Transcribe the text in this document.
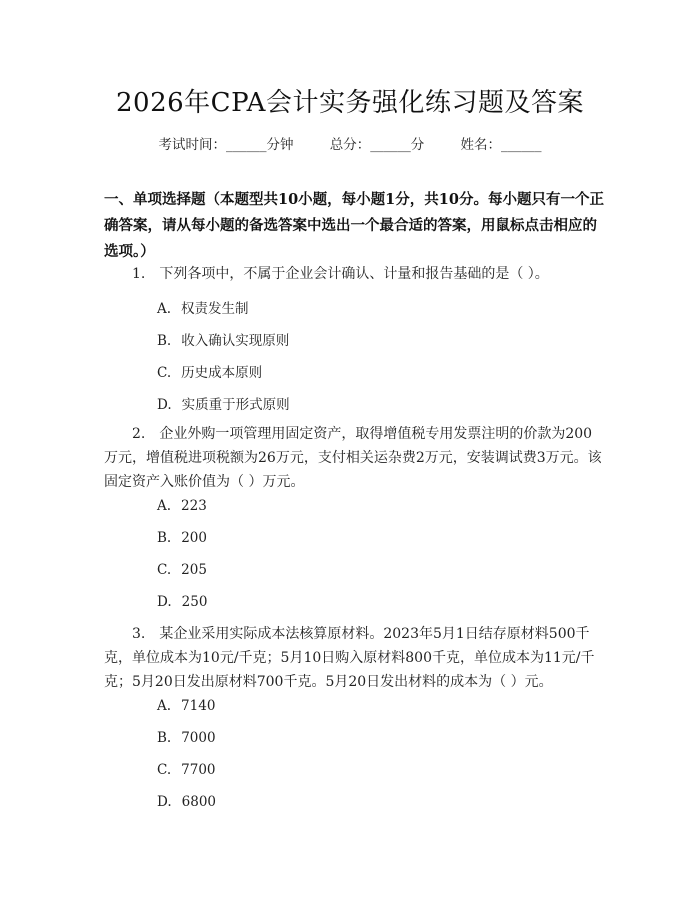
2026年CPA会计实务强化练习题及答案
考试时间：______分钟	总分：______分	姓名：______
一、单项选择题（本题型共10小题，每小题1分，共10分。每小题只有一个正确答案，请从每小题的备选答案中选出一个最合适的答案，用鼠标点击相应的选项。）
1. 下列各项中，不属于企业会计确认、计量和报告基础的是（ ）。
A. 权责发生制
B. 收入确认实现原则
C. 历史成本原则
D. 实质重于形式原则
2. 企业外购一项管理用固定资产，取得增值税专用发票注明的价款为200万元，增值税进项税额为26万元，支付相关运杂费2万元，安装调试费3万元。该固定资产入账价值为（ ）万元。
A. 223
B. 200
C. 205
D. 250
3. 某企业采用实际成本法核算原材料。2023年5月1日结存原材料500千克，单位成本为10元/千克；5月10日购入原材料800千克，单位成本为11元/千克；5月20日发出原材料700千克。5月20日发出材料的成本为（ ）元。
A. 7140
B. 7000
C. 7700
D. 6800
